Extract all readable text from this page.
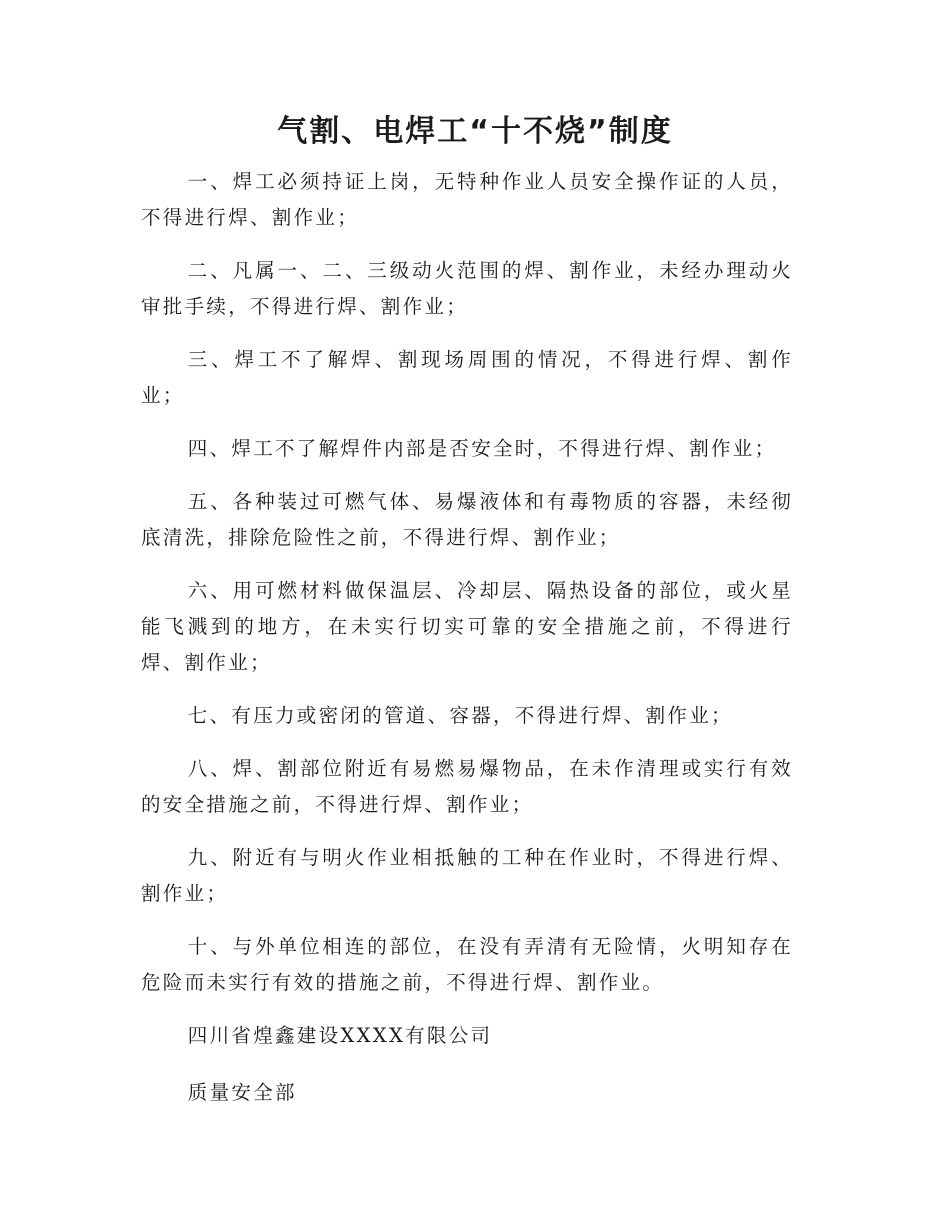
气割、电焊工“十不烧”制度

一、焊工必须持证上岗，无特种作业人员安全操作证的人员，不得进行焊、割作业；

二、凡属一、二、三级动火范围的焊、割作业，未经办理动火审批手续，不得进行焊、割作业；

三、焊工不了解焊、割现场周围的情况，不得进行焊、割作业；

四、焊工不了解焊件内部是否安全时，不得进行焊、割作业；

五、各种装过可燃气体、易爆液体和有毒物质的容器，未经彻底清洗，排除危险性之前，不得进行焊、割作业；

六、用可燃材料做保温层、冷却层、隔热设备的部位，或火星能飞溅到的地方，在未实行切实可靠的安全措施之前，不得进行焊、割作业；

七、有压力或密闭的管道、容器，不得进行焊、割作业；

八、焊、割部位附近有易燃易爆物品，在未作清理或实行有效的安全措施之前，不得进行焊、割作业；

九、附近有与明火作业相抵触的工种在作业时，不得进行焊、割作业；

十、与外单位相连的部位，在没有弄清有无险情，火明知存在危险而未实行有效的措施之前，不得进行焊、割作业。

四川省煌鑫建设XXXX有限公司

质量安全部
